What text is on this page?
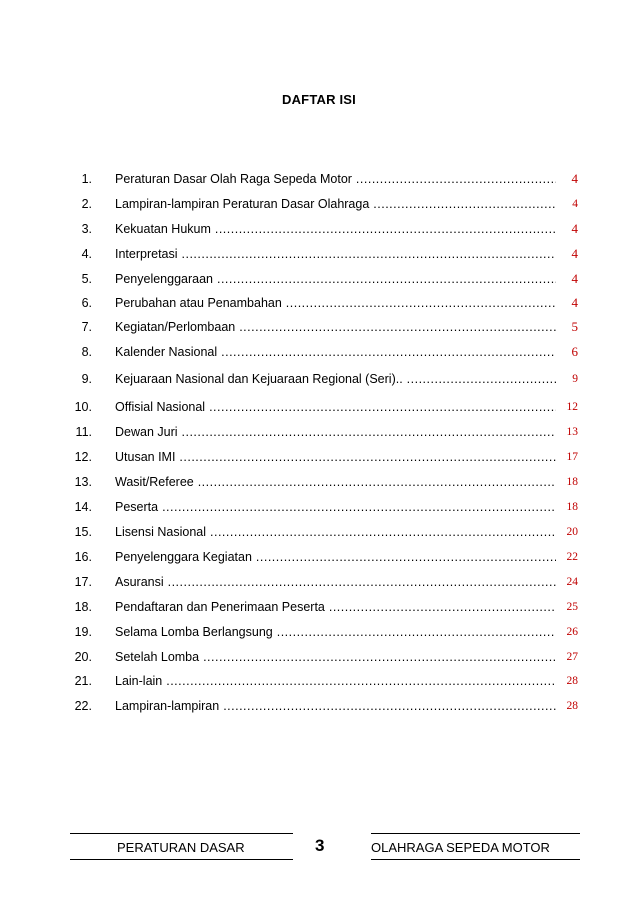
DAFTAR ISI
1. Peraturan Dasar Olah Raga Sepeda Motor .....	4
2. Lampiran-lampiran Peraturan Dasar Olahraga .....	4
3. Kekuatan Hukum .....	4
4. Interpretasi .....	4
5. Penyelenggaraan .....	4
6. Perubahan atau Penambahan .....	4
7. Kegiatan/Perlombaan .....	5
8. Kalender Nasional .....	6
9. Kejuaraan Nasional dan Kejuaraan Regional (Seri).. .....	9
10. Offisial Nasional .....	12
11. Dewan Juri .....	13
12. Utusan IMI .....	17
13. Wasit/Referee .....	18
14. Peserta .....	18
15. Lisensi Nasional .....	20
16. Penyelenggara Kegiatan .....	22
17. Asuransi .....	24
18. Pendaftaran dan Penerimaan Peserta .....	25
19. Selama Lomba Berlangsung .....	26
20. Setelah Lomba .....	27
21. Lain-lain .....	28
22. Lampiran-lampiran .....	28
PERATURAN DASAR	3	OLAHRAGA SEPEDA MOTOR
